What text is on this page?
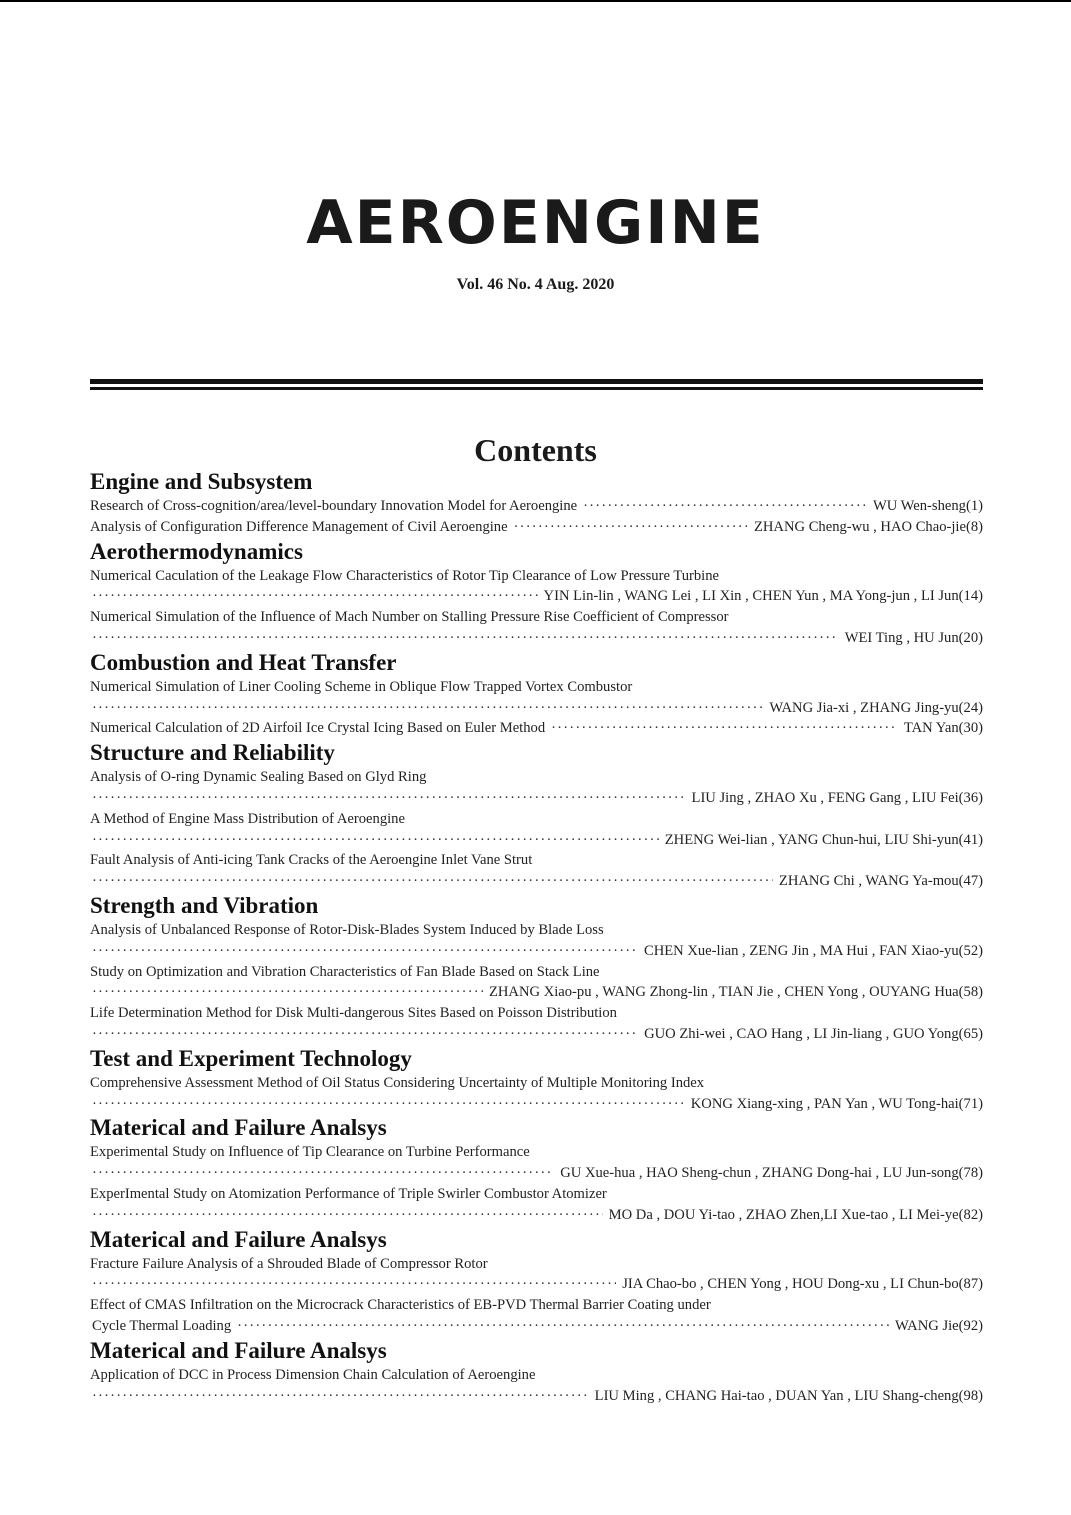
AEROENGINE
Vol. 46 No. 4 Aug. 2020
Contents
Engine and Subsystem
Research of Cross-cognition/area/level-boundary Innovation Model for Aeroengine ·····	WU Wen-sheng(1)
Analysis of Configuration Difference Management of Civil Aeroengine ·····	ZHANG Cheng-wu , HAO Chao-jie(8)
Aerothermodynamics
Numerical Caculation of the Leakage Flow Characteristics of Rotor Tip Clearance of Low Pressure Turbine
·····
YIN Lin-lin , WANG Lei , LI Xin , CHEN Yun , MA Yong-jun , LI Jun(14)
Numerical Simulation of the Influence of Mach Number on Stalling Pressure Rise Coefficient of Compressor
·····
WEI Ting , HU Jun(20)
Combustion and Heat Transfer
Numerical Simulation of Liner Cooling Scheme in Oblique Flow Trapped Vortex Combustor
·····
WANG Jia-xi , ZHANG Jing-yu(24)
Numerical Calculation of 2D Airfoil Ice Crystal Icing Based on Euler Method ·····	TAN Yan(30)
Structure and Reliability
Analysis of O-ring Dynamic Sealing Based on Glyd Ring
·····
LIU Jing , ZHAO Xu , FENG Gang , LIU Fei(36)
A Method of Engine Mass Distribution of Aeroengine
·····
ZHENG Wei-lian , YANG Chun-hui, LIU Shi-yun(41)
Fault Analysis of Anti-icing Tank Cracks of the Aeroengine Inlet Vane Strut
·····
ZHANG Chi , WANG Ya-mou(47)
Strength and Vibration
Analysis of Unbalanced Response of Rotor-Disk-Blades System Induced by Blade Loss
·····
CHEN Xue-lian , ZENG Jin , MA Hui , FAN Xiao-yu(52)
Study on Optimization and Vibration Characteristics of Fan Blade Based on Stack Line
·····
ZHANG Xiao-pu , WANG Zhong-lin , TIAN Jie , CHEN Yong , OUYANG Hua(58)
Life Determination Method for Disk Multi-dangerous Sites Based on Poisson Distribution
·····
GUO Zhi-wei , CAO Hang , LI Jin-liang , GUO Yong(65)
Test and Experiment Technology
Comprehensive Assessment Method of Oil Status Considering Uncertainty of Multiple Monitoring Index
·····
KONG Xiang-xing , PAN Yan , WU Tong-hai(71)
Materical and Failure Analsys
Experimental Study on Influence of Tip Clearance on Turbine Performance
·····
GU Xue-hua , HAO Sheng-chun , ZHANG Dong-hai , LU Jun-song(78)
ExperImental Study on Atomization Performance of Triple Swirler Combustor Atomizer
·····
MO Da , DOU Yi-tao , ZHAO Zhen,LI Xue-tao , LI Mei-ye(82)
Materical and Failure Analsys
Fracture Failure Analysis of a Shrouded Blade of Compressor Rotor
·····
JIA Chao-bo , CHEN Yong , HOU Dong-xu , LI Chun-bo(87)
Effect of CMAS Infiltration on the Microcrack Characteristics of EB-PVD Thermal Barrier Coating under
Cycle Thermal Loading ·····	WANG Jie(92)
Materical and Failure Analsys
Application of DCC in Process Dimension Chain Calculation of Aeroengine
·····
LIU Ming , CHANG Hai-tao , DUAN Yan , LIU Shang-cheng(98)
